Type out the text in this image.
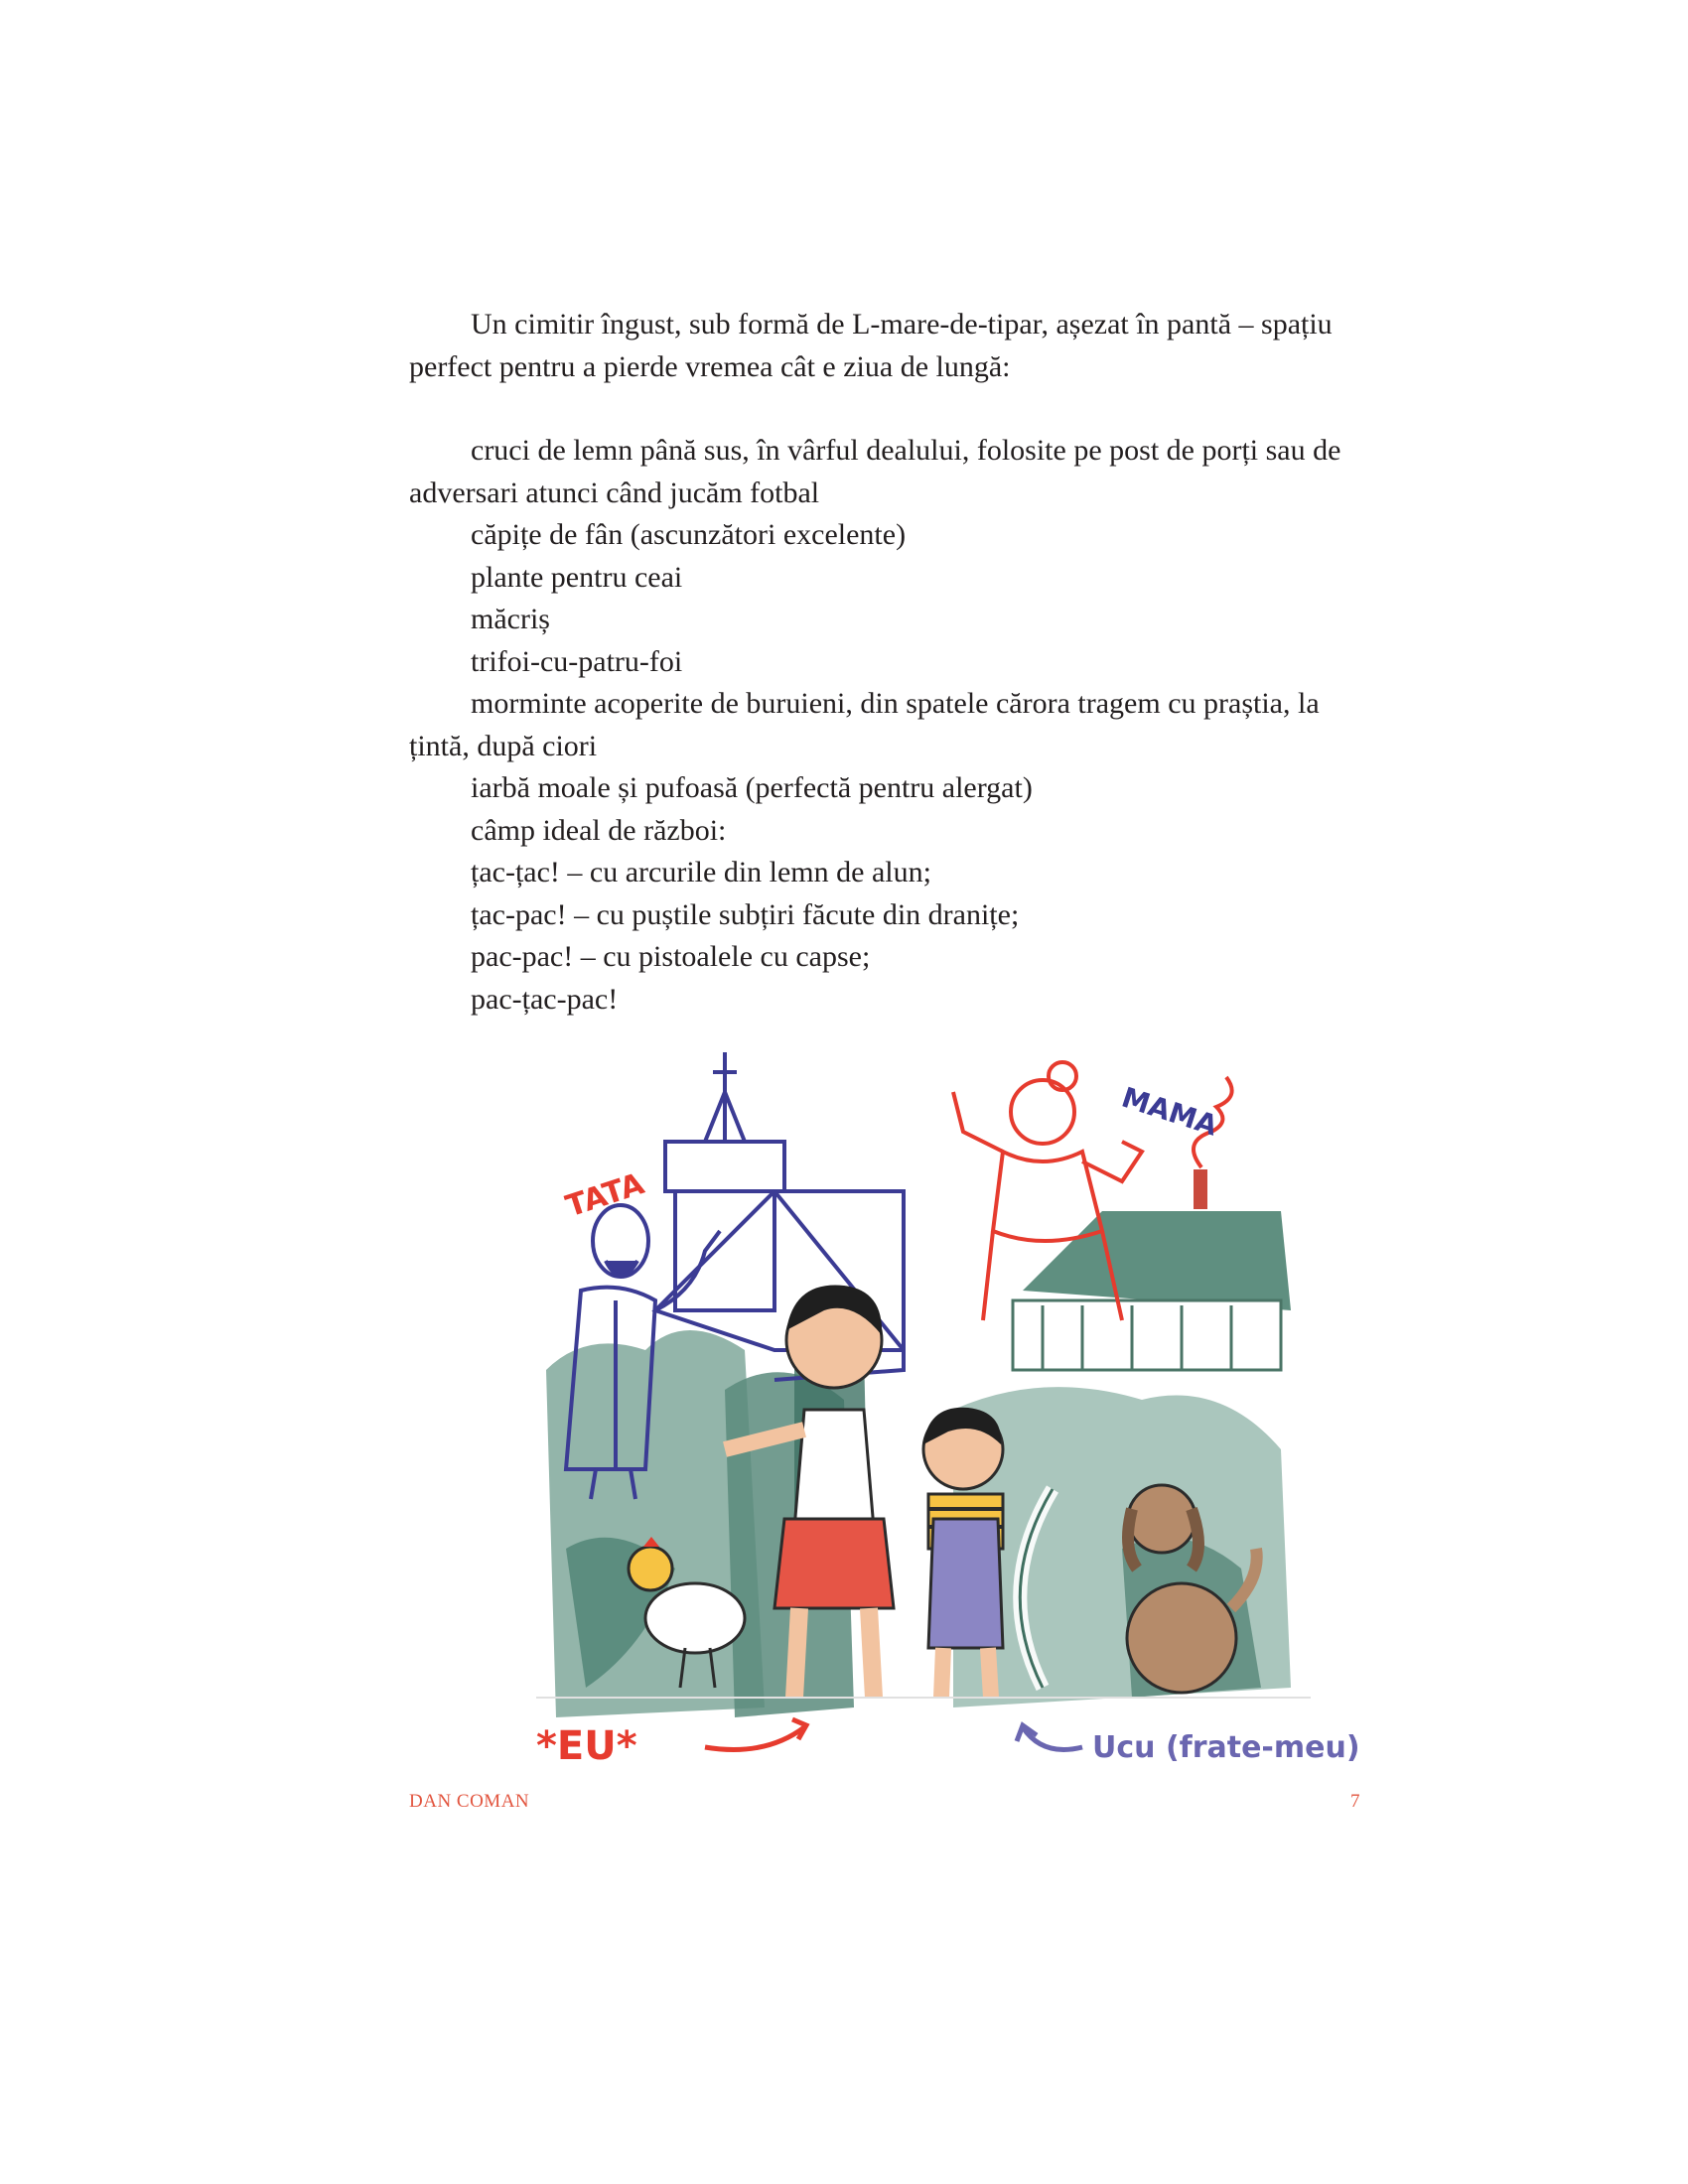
Un cimitir îngust, sub formă de L-mare-de-tipar, așezat în pantă – spațiu perfect pentru a pierde vremea cât e ziua de lungă:

cruci de lemn până sus, în vârful dealului, folosite pe post de porți sau de adversari atunci când jucăm fotbal

căpițe de fân (ascunzători excelente)

plante pentru ceai

măcriș

trifoi-cu-patru-foi

morminte acoperite de buruieni, din spatele cărora tragem cu praștia, la țintă, după ciori

iarbă moale și pufoasă (perfectă pentru alergat)

câmp ideal de război:

țac-țac! – cu arcurile din lemn de alun;

țac-pac! – cu puștile subțiri făcute din dranițe;

pac-pac! – cu pistoalele cu capse;

pac-țac-pac!

TATA
MAMA
*EU*	Ucu (frate-meu)
DAN COMAN	7
